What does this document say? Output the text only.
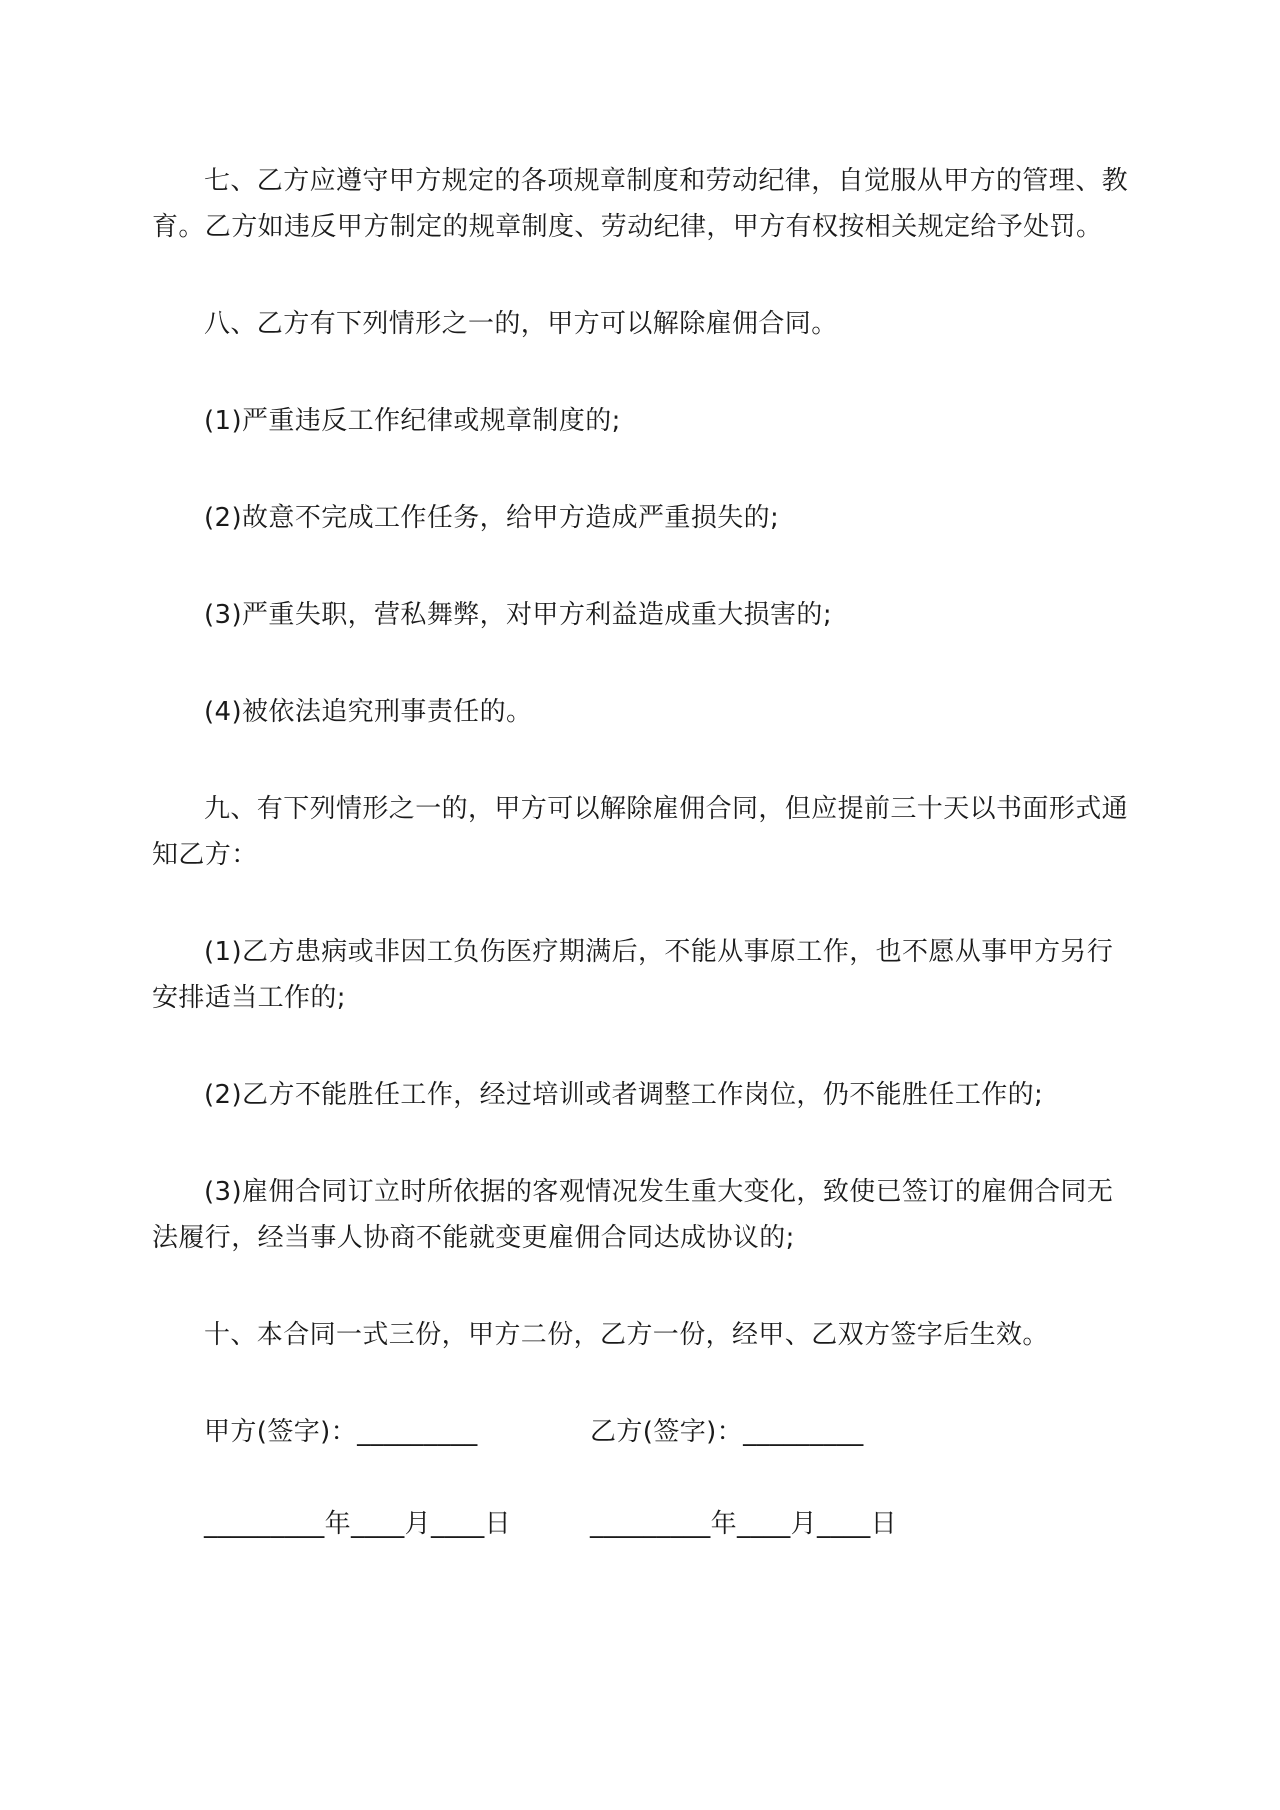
七、乙方应遵守甲方规定的各项规章制度和劳动纪律，自觉服从甲方的管理、教育。乙方如违反甲方制定的规章制度、劳动纪律，甲方有权按相关规定给予处罚。

八、乙方有下列情形之一的，甲方可以解除雇佣合同。

(1)严重违反工作纪律或规章制度的;

(2)故意不完成工作任务，给甲方造成严重损失的;

(3)严重失职，营私舞弊，对甲方利益造成重大损害的;

(4)被依法追究刑事责任的。

九、有下列情形之一的，甲方可以解除雇佣合同，但应提前三十天以书面形式通知乙方：

(1)乙方患病或非因工负伤医疗期满后，不能从事原工作，也不愿从事甲方另行安排适当工作的;

(2)乙方不能胜任工作，经过培训或者调整工作岗位，仍不能胜任工作的;

(3)雇佣合同订立时所依据的客观情况发生重大变化，致使已签订的雇佣合同无法履行，经当事人协商不能就变更雇佣合同达成协议的;

十、本合同一式三份，甲方二份，乙方一份，经甲、乙双方签字后生效。

甲方(签字)：_________	乙方(签字)：_________
_________年____月____日	_________年____月____日
